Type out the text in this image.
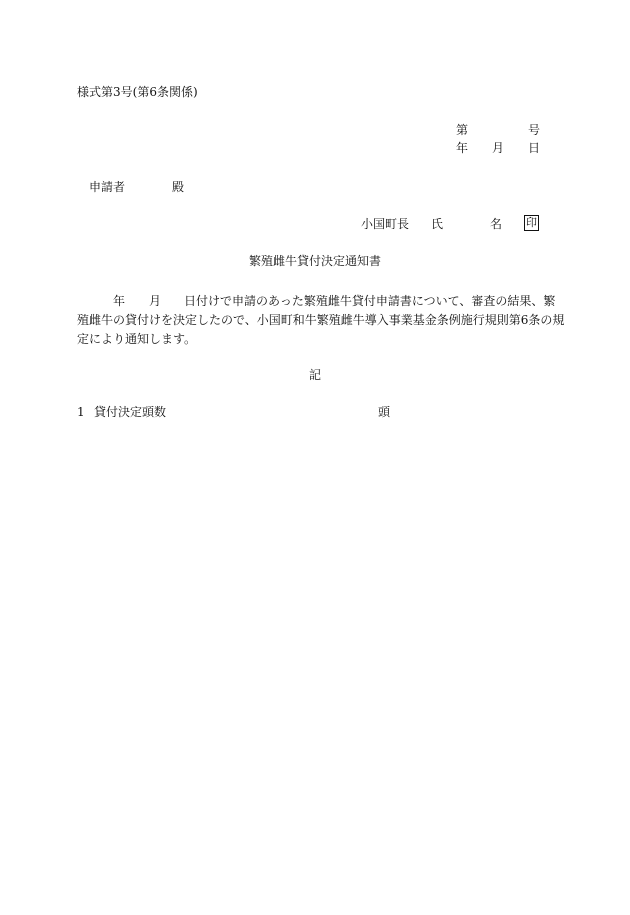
様式第3号(第6条関係)
第	号
年 月 日
申請者	殿
小国町長 氏	名 印
繁殖雌牛貸付決定通知書
年 月 日付けで申請のあった繁殖雌牛貸付申請書について、審査の結果、繁
殖雌牛の貸付けを決定したので、小国町和牛繁殖雌牛導入事業基金条例施行規則第6条の規
定により通知します。
記
1 貸付決定頭数	頭
